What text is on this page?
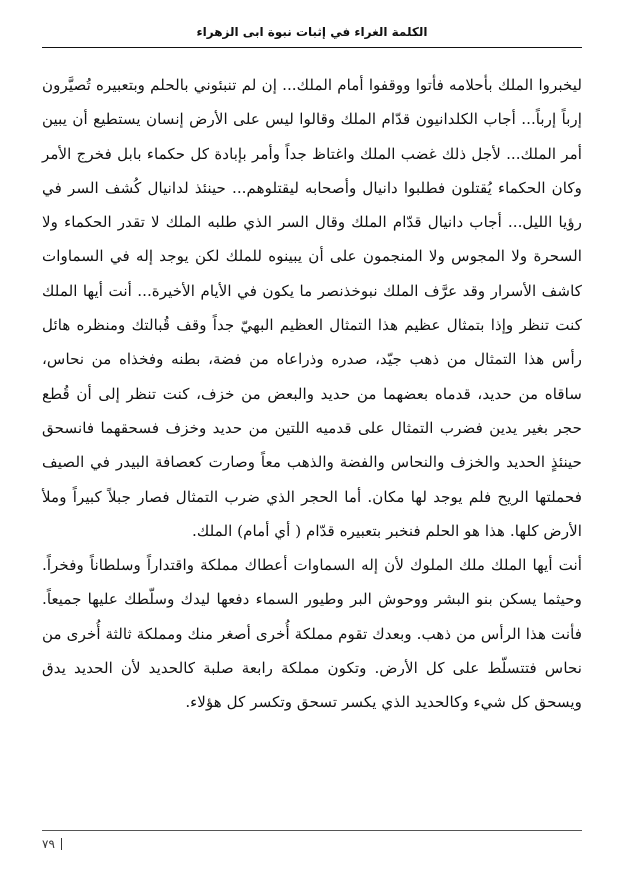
الكلمة الغراء في إثبات نبوة ابى الزهراء

ليخبروا الملك بأحلامه فأتوا ووقفوا أمام الملك... إن لم تنبئوني بالحلم وبتعبيره تُصيَّرون إرباً إرباً... أجاب الكلدانيون قدّام الملك وقالوا ليس على الأرض إنسان يستطيع أن يبين أمر الملك... لأجل ذلك غضب الملك واغتاظ جداً وأمر بإبادة كل حكماء بابل فخرج الأمر وكان الحكماء يُقتلون فطلبوا دانيال وأصحابه ليقتلوهم... حينئذ لدانيال كُشف السر في رؤيا الليل... أجاب دانيال قدّام الملك وقال السر الذي طلبه الملك لا تقدر الحكماء ولا السحرة ولا المجوس ولا المنجمون على أن يبينوه للملك لكن يوجد إله في السماوات كاشف الأسرار وقد عرَّف الملك نبوخذنصر ما يكون في الأيام الأخيرة... أنت أيها الملك كنت تنظر وإذا بتمثال عظيم هذا التمثال العظيم البهيّ جداً وقف قُبالتك ومنظره هائل رأس هذا التمثال من ذهب جيّد، صدره وذراعاه من فضة، بطنه وفخذاه من نحاس، ساقاه من حديد، قدماه بعضهما من حديد والبعض من خزف، كنت تنظر إلى أن قُطع حجر بغير يدين فضرب التمثال على قدميه اللتين من حديد وخزف فسحقهما فانسحق حينئذٍ الحديد والخزف والنحاس والفضة والذهب معاً وصارت كعصافة البيدر في الصيف فحملتها الريح فلم يوجد لها مكان. أما الحجر الذي ضرب التمثال فصار جبلاً كبيراً وملأ الأرض كلها. هذا هو الحلم فنخبر بتعبيره قدّام ( أي أمام) الملك.

أنت أيها الملك ملك الملوك لأن إله السماوات أعطاك مملكة واقتداراً وسلطاناً وفخراً. وحيثما يسكن بنو البشر ووحوش البر وطيور السماء دفعها ليدك وسلّطك عليها جميعاً. فأنت هذا الرأس من ذهب. وبعدك تقوم مملكة أُخرى أصغر منك ومملكة ثالثة أُخرى من نحاس فتتسلّط على كل الأرض. وتكون مملكة رابعة صلبة كالحديد لأن الحديد يدق ويسحق كل شيء وكالحديد الذي يكسر تسحق وتكسر كل هؤلاء.

٧٩
